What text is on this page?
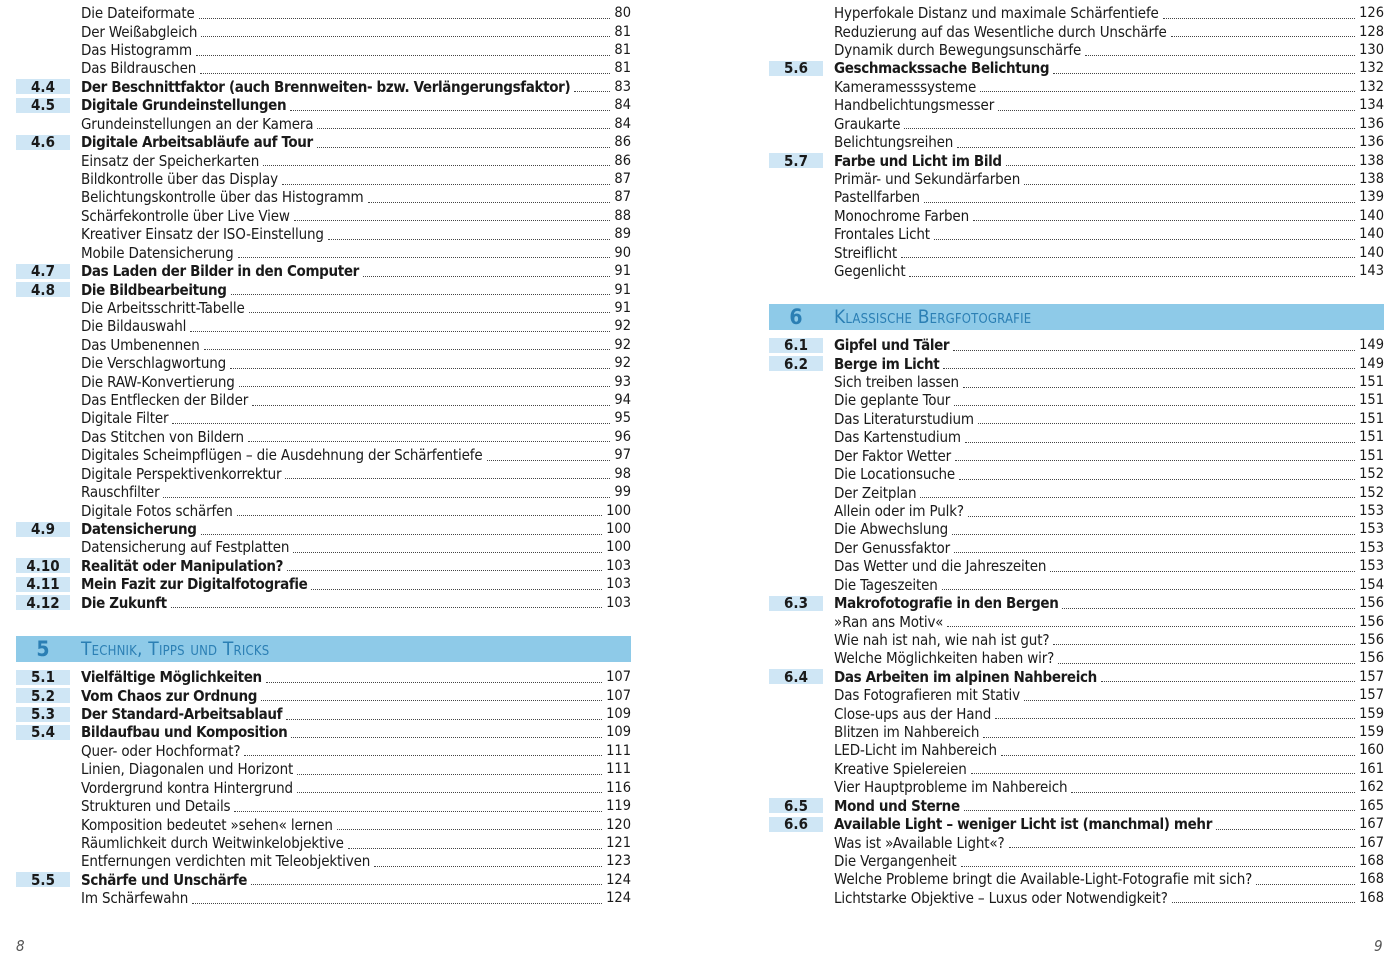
Die Dateiformate	80
Der Weißabgleich	81
Das Histogramm	81
Das Bildrauschen	81
4.4	Der Beschnittfaktor (auch Brennweiten- bzw. Verlängerungsfaktor)	83
4.5	Digitale Grundeinstellungen	84
Grundeinstellungen an der Kamera	84
4.6	Digitale Arbeitsabläufe auf Tour	86
Einsatz der Speicherkarten	86
Bildkontrolle über das Display	87
Belichtungskontrolle über das Histogramm	87
Schärfekontrolle über Live View	88
Kreativer Einsatz der ISO-Einstellung	89
Mobile Datensicherung	90
4.7	Das Laden der Bilder in den Computer	91
4.8	Die Bildbearbeitung	91
Die Arbeitsschritt-Tabelle	91
Die Bildauswahl	92
Das Umbenennen	92
Die Verschlagwortung	92
Die RAW-Konvertierung	93
Das Entflecken der Bilder	94
Digitale Filter	95
Das Stitchen von Bildern	96
Digitales Scheimpflügen – die Ausdehnung der Schärfentiefe	97
Digitale Perspektivenkorrektur	98
Rauschfilter	99
Digitale Fotos schärfen	100
4.9	Datensicherung	100
Datensicherung auf Festplatten	100
4.10	Realität oder Manipulation?	103
4.11	Mein Fazit zur Digitalfotografie	103
4.12	Die Zukunft	103
5	Technik, Tipps und Tricks
5.1	Vielfältige Möglichkeiten	107
5.2	Vom Chaos zur Ordnung	107
5.3	Der Standard-Arbeitsablauf	109
5.4	Bildaufbau und Komposition	109
Quer- oder Hochformat?	111
Linien, Diagonalen und Horizont	111
Vordergrund kontra Hintergrund	116
Strukturen und Details	119
Komposition bedeutet »sehen« lernen	120
Räumlichkeit durch Weitwinkelobjektive	121
Entfernungen verdichten mit Teleobjektiven	123
5.5	Schärfe und Unschärfe	124
Im Schärfewahn	124
Hyperfokale Distanz und maximale Schärfentiefe	126
Reduzierung auf das Wesentliche durch Unschärfe	128
Dynamik durch Bewegungsunschärfe	130
5.6	Geschmackssache Belichtung	132
Kameramesssysteme	132
Handbelichtungsmesser	134
Graukarte	136
Belichtungsreihen	136
5.7	Farbe und Licht im Bild	138
Primär- und Sekundärfarben	138
Pastellfarben	139
Monochrome Farben	140
Frontales Licht	140
Streiflicht	140
Gegenlicht	143
6	Klassische Bergfotografie
6.1	Gipfel und Täler	149
6.2	Berge im Licht	149
Sich treiben lassen	151
Die geplante Tour	151
Das Literaturstudium	151
Das Kartenstudium	151
Der Faktor Wetter	151
Die Locationsuche	152
Der Zeitplan	152
Allein oder im Pulk?	153
Die Abwechslung	153
Der Genussfaktor	153
Das Wetter und die Jahreszeiten	153
Die Tageszeiten	154
6.3	Makrofotografie in den Bergen	156
»Ran ans Motiv«	156
Wie nah ist nah, wie nah ist gut?	156
Welche Möglichkeiten haben wir?	156
6.4	Das Arbeiten im alpinen Nahbereich	157
Das Fotografieren mit Stativ	157
Close-ups aus der Hand	159
Blitzen im Nahbereich	159
LED-Licht im Nahbereich	160
Kreative Spielereien	161
Vier Hauptprobleme im Nahbereich	162
6.5	Mond und Sterne	165
6.6	Available Light – weniger Licht ist (manchmal) mehr	167
Was ist »Available Light«?	167
Die Vergangenheit	168
Welche Probleme bringt die Available-Light-Fotografie mit sich?	168
Lichtstarke Objektive – Luxus oder Notwendigkeit?	168
8	9
